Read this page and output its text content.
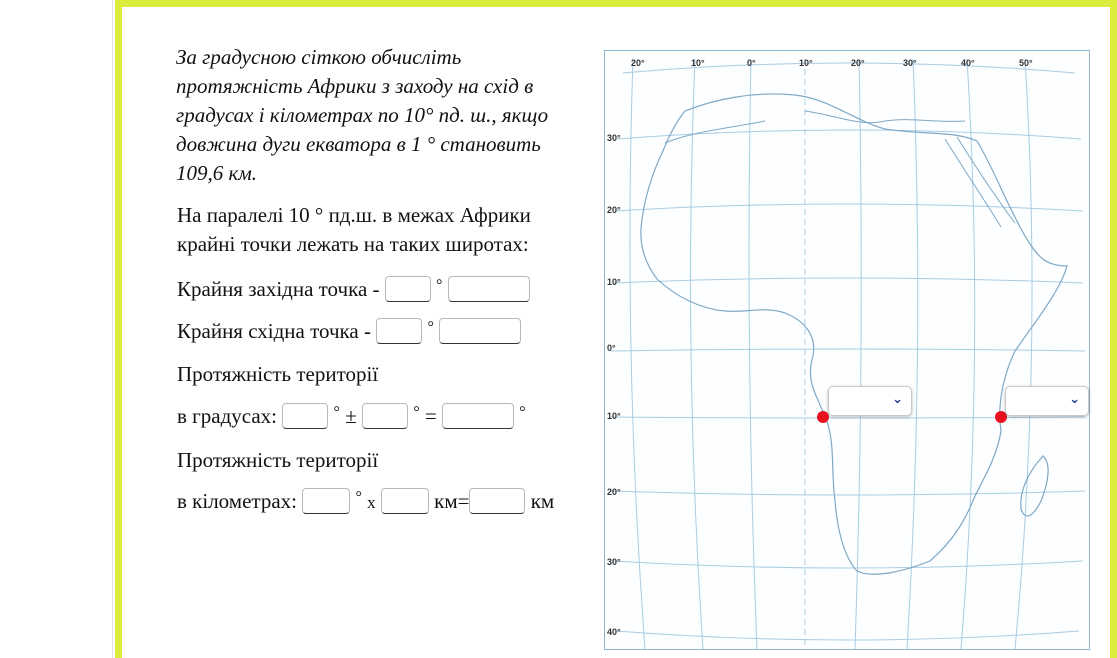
За градусною сіткою обчисліть протяжність Африки з заходу на схід в градусах і кілометрах по 10° пд. ш., якщо довжина дуги екватора в 1 ° становить 109,6 км.
На паралелі 10 ° пд.ш. в межах Африки
крайні точки лежать на таких широтах:
Крайня західна точка -	°
Крайня східна точка -	°
Протяжність території
в градусах:	° ±	° =	°
Протяжність території
в кілометрах:	° x	км=	км
20°	10°	0°	10°	20°	30°	40°	50°
30°
20°
10°
0°
10°
20°
30°
40°
⌄	⌄
